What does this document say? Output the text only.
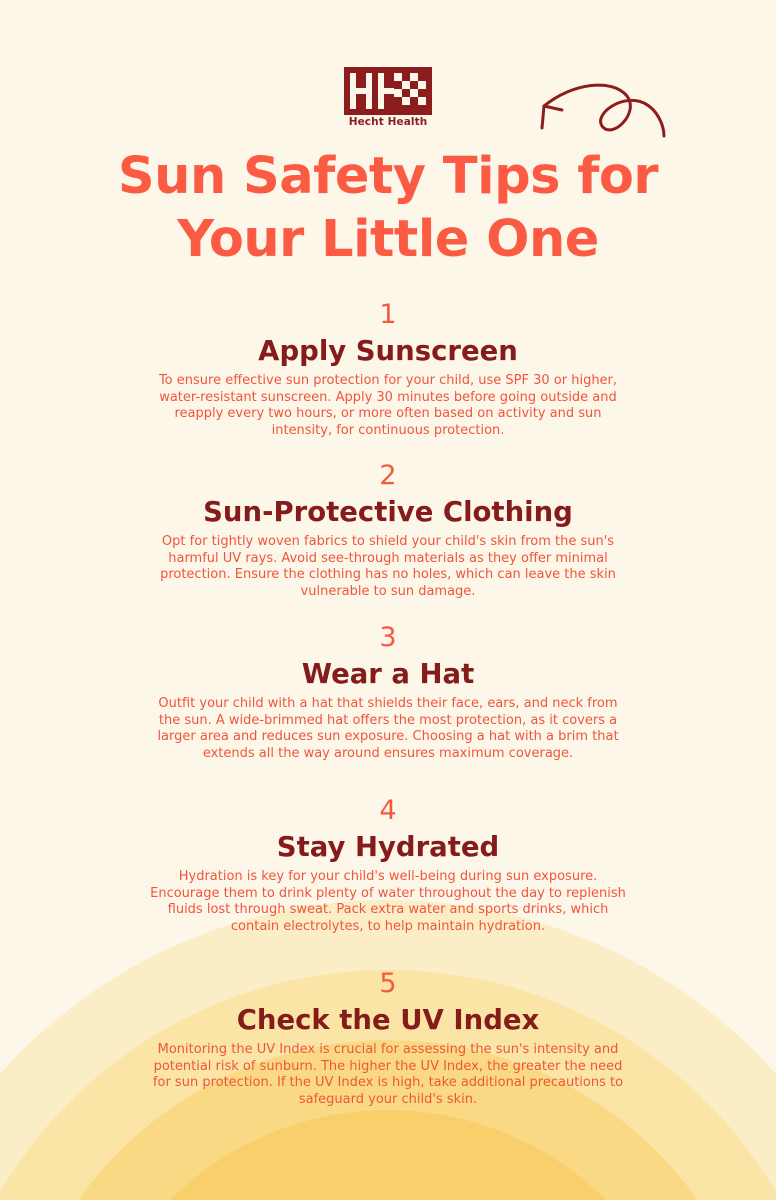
Hecht Health
Sun Safety Tips for
Your Little One
1
Apply Sunscreen

To ensure effective sun protection for your child, use SPF 30 or higher, water-resistant sunscreen. Apply 30 minutes before going outside and reapply every two hours, or more often based on activity and sun intensity, for continuous protection.

2
Sun-Protective Clothing

Opt for tightly woven fabrics to shield your child's skin from the sun's harmful UV rays. Avoid see-through materials as they offer minimal protection. Ensure the clothing has no holes, which can leave the skin vulnerable to sun damage.

3
Wear a Hat

Outfit your child with a hat that shields their face, ears, and neck from the sun. A wide-brimmed hat offers the most protection, as it covers a larger area and reduces sun exposure. Choosing a hat with a brim that extends all the way around ensures maximum coverage.

4
Stay Hydrated

Hydration is key for your child's well-being during sun exposure. Encourage them to drink plenty of water throughout the day to replenish fluids lost through sweat. Pack extra water and sports drinks, which contain electrolytes, to help maintain hydration.

5
Check the UV Index

Monitoring the UV Index is crucial for assessing the sun's intensity and potential risk of sunburn. The higher the UV Index, the greater the need for sun protection. If the UV Index is high, take additional precautions to safeguard your child's skin.
